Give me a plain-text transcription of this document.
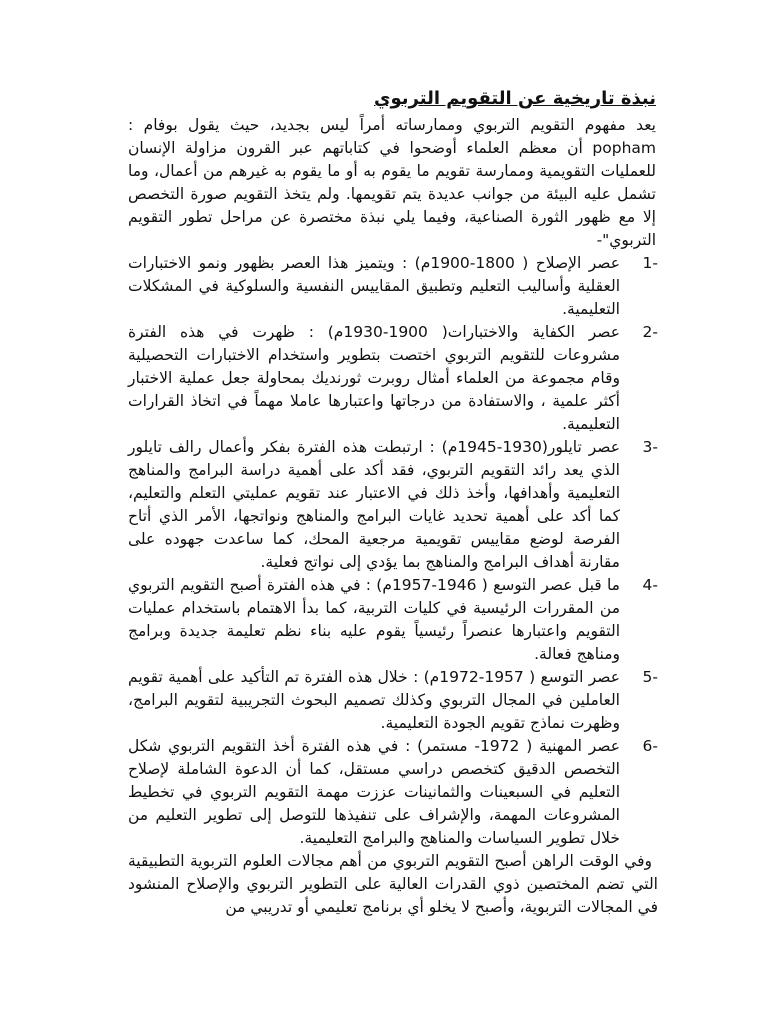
نبذة تاريخية عن التقويم التربوي

يعد مفهوم التقويم التربوي وممارساته أمراً ليس بجديد، حيث يقول بوفام : popham أن معظم العلماء أوضحوا في كتاباتهم عبر القرون مزاولة الإنسان للعمليات التقويمية وممارسة تقويم ما يقوم به أو ما يقوم به غيرهم من أعمال، وما تشمل عليه البيئة من جوانب عديدة يتم تقويمها. ولم يتخذ التقويم صورة التخصص إلا مع ظهور الثورة الصناعية، وفيما يلي نبذة مختصرة عن مراحل تطور التقويم التربوي"-

1-

عصر الإصلاح ( 1800-1900م) : ويتميز هذا العصر بظهور ونمو الاختبارات العقلية وأساليب التعليم وتطبيق المقاييس النفسية والسلوكية في المشكلات التعليمية.

2-

عصر الكفاية والاختبارات( 1900-1930م) : ظهرت في هذه الفترة مشروعات للتقويم التربوي اختصت بتطوير واستخدام الاختبارات التحصيلية وقام مجموعة من العلماء أمثال روبرت ثورنديك بمحاولة جعل عملية الاختبار أكثر علمية ، والاستفادة من درجاتها واعتبارها عاملا مهماً في اتخاذ القرارات التعليمية.

3-

عصر تايلور(1930-1945م) : ارتبطت هذه الفترة بفكر وأعمال رالف تايلور الذي يعد رائد التقويم التربوي، فقد أكد على أهمية دراسة البرامج والمناهج التعليمية وأهدافها، وأخذ ذلك في الاعتبار عند تقويم عمليتي التعلم والتعليم، كما أكد على أهمية تحديد غايات البرامج والمناهج ونواتجها، الأمر الذي أتاح الفرصة لوضع مقاييس تقويمية مرجعية المحك، كما ساعدت جهوده على مقارنة أهداف البرامج والمناهج بما يؤدي إلى نواتج فعلية.

4-

ما قبل عصر التوسع ( 1946-1957م) : في هذه الفترة أصبح التقويم التربوي من المقررات الرئيسية في كليات التربية، كما بدأ الاهتمام باستخدام عمليات التقويم واعتبارها عنصراً رئيسياً يقوم عليه بناء نظم تعليمة جديدة وبرامج ومناهج فعالة.

5-

عصر التوسع ( 1957-1972م) : خلال هذه الفترة تم التأكيد على أهمية تقويم العاملين في المجال التربوي وكذلك تصميم البحوث التجريبية لتقويم البرامج، وظهرت نماذج تقويم الجودة التعليمية.

6-

عصر المهنية ( 1972- مستمر) : في هذه الفترة أخذ التقويم التربوي شكل التخصص الدقيق كتخصص دراسي مستقل، كما أن الدعوة الشاملة لإصلاح التعليم في السبعينات والثمانينات عززت مهمة التقويم التربوي في تخطيط المشروعات المهمة، والإشراف على تنفيذها للتوصل إلى تطوير التعليم من خلال تطوير السياسات والمناهج والبرامج التعليمية.

وفي الوقت الراهن أصبح التقويم التربوي من أهم مجالات العلوم التربوية التطبيقية التي تضم المختصين ذوي القدرات العالية على التطوير التربوي والإصلاح المنشود في المجالات التربوية، وأصبح لا يخلو أي برنامج تعليمي أو تدريبي من
